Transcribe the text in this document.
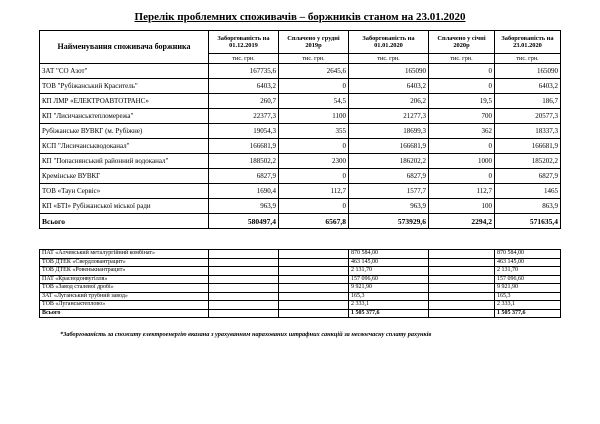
Перелік проблемних споживачів – боржників станом на 23.01.2020
Найменування споживача боржника	Заборгованість на 01.12.2019	Сплачено у грудні 2019р	Заборгованість на 01.01.2020	Сплачено у січні 2020р	Заборгованість на 23.01.2020
	тис. грн.	тис. грн.	тис. грн.	тис. грн.	тис. грн.
ЗАТ "СО Азот"	167735,6	2645,6	165090	0	165090
ТОВ "Рубіжанський Краситель"	6403,2	0	6403,2	0	6403,2
КП ЛМР «ЕЛЕКТРОАВТОТРАНС»	260,7	54,5	206,2	19,5	186,7
КП "Лисичанськтепломережа"	22377,3	1100	21277,3	700	20577,3
Рубіжанське ВУВКГ (м. Рубіжне)	19054,3	355	18699,3	362	18337,3
КСП "Лисичанськводоканал"	166681,9	0	166681,9	0	166681,9
КП "Попаснянський районний водоканал"	188502,2	2300	186202,2	1000	185202,2
Кремінське ВУВКГ	6827,9	0	6827,9	0	6827,9
ТОВ «Таун Сервіс»	1690,4	112,7	1577,7	112,7	1465
КП «БТІ» Рубіжанської міської ради	963,9	0	963,9	100	863,9
Всього	580497,4	6567,8	573929,6	2294,2	571635,4
ПАТ «Алчевський металургійний комбінат»			870 584,00		870 584,00
ТОВ ДТЕК «Свердловантрацит»			463 145,00		463 145,00
ТОВ ДТЕК «Ровенькиантрацит»			2 131,70		2 131,70
ПАТ «Краснодонвугілля»			157 096,60		157 096,60
ТОВ «Завод сталевої дробі»			9 921,90		9 921,90
ЗАТ «Луганський трубний завод»			165,3		165,3
ТОВ «Луганськтеплово»			2 333,1		2 333,1
Всього			1 505 377,6		1 505 377,6
*Заборгованість за спожиту електроенергію вказана з урахуванням нарахованих штрафних санкцій за несвоєчасну сплату рахунків
